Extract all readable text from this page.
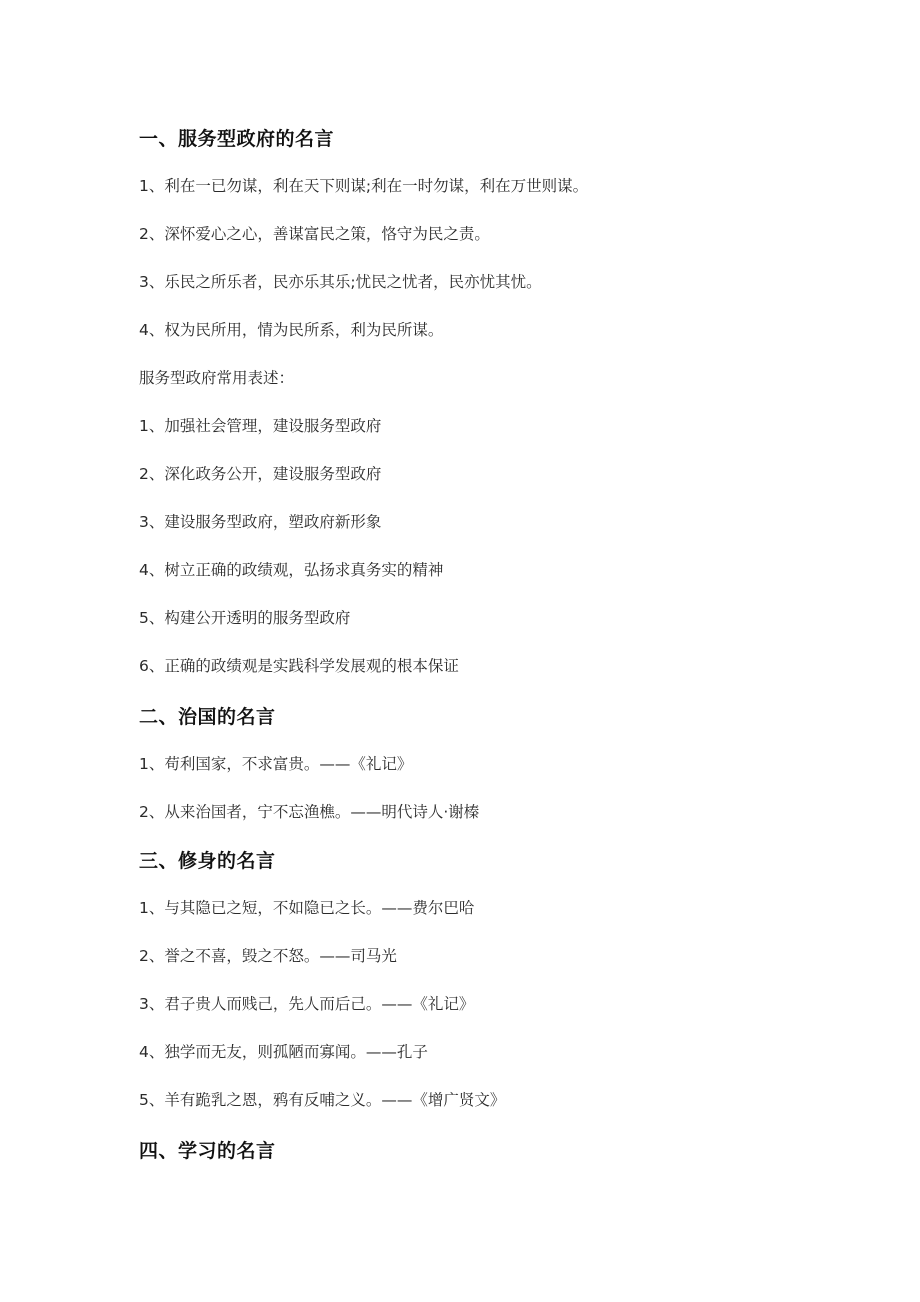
一、服务型政府的名言
1、利在一已勿谋，利在天下则谋;利在一时勿谋，利在万世则谋。
2、深怀爱心之心，善谋富民之策，恪守为民之责。
3、乐民之所乐者，民亦乐其乐;忧民之忧者，民亦忧其忧。
4、权为民所用，情为民所系，利为民所谋。
服务型政府常用表述：
1、加强社会管理，建设服务型政府
2、深化政务公开，建设服务型政府
3、建设服务型政府，塑政府新形象
4、树立正确的政绩观，弘扬求真务实的精神
5、构建公开透明的服务型政府
6、正确的政绩观是实践科学发展观的根本保证
二、治国的名言
1、苟利国家，不求富贵。——《礼记》
2、从来治国者，宁不忘渔樵。——明代诗人·谢榛
三、修身的名言
1、与其隐已之短，不如隐已之长。——费尔巴哈
2、誉之不喜，毁之不怒。——司马光
3、君子贵人而贱己，先人而后己。——《礼记》
4、独学而无友，则孤陋而寡闻。——孔子
5、羊有跪乳之恩，鸦有反哺之义。——《增广贤文》
四、学习的名言
